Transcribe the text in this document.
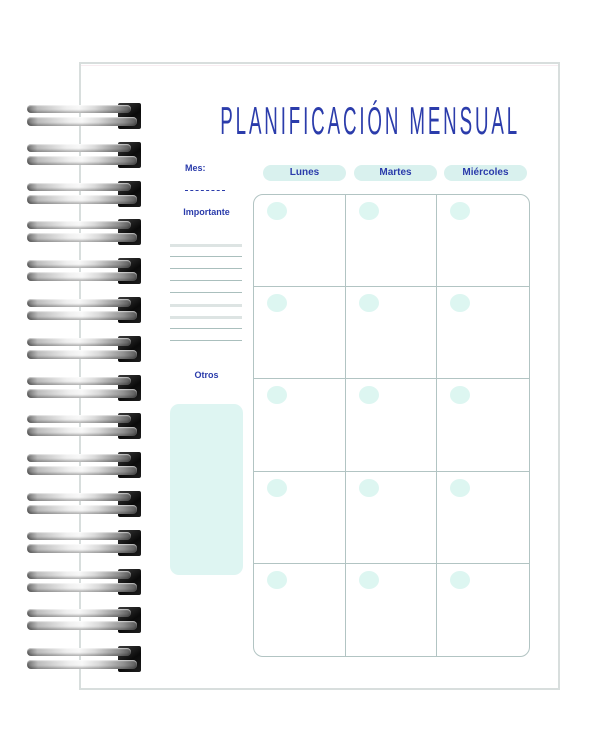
PLANIFICACIÓN MENSUAL
Mes:
Importante
Otros
Lunes	Martes	Miércoles
